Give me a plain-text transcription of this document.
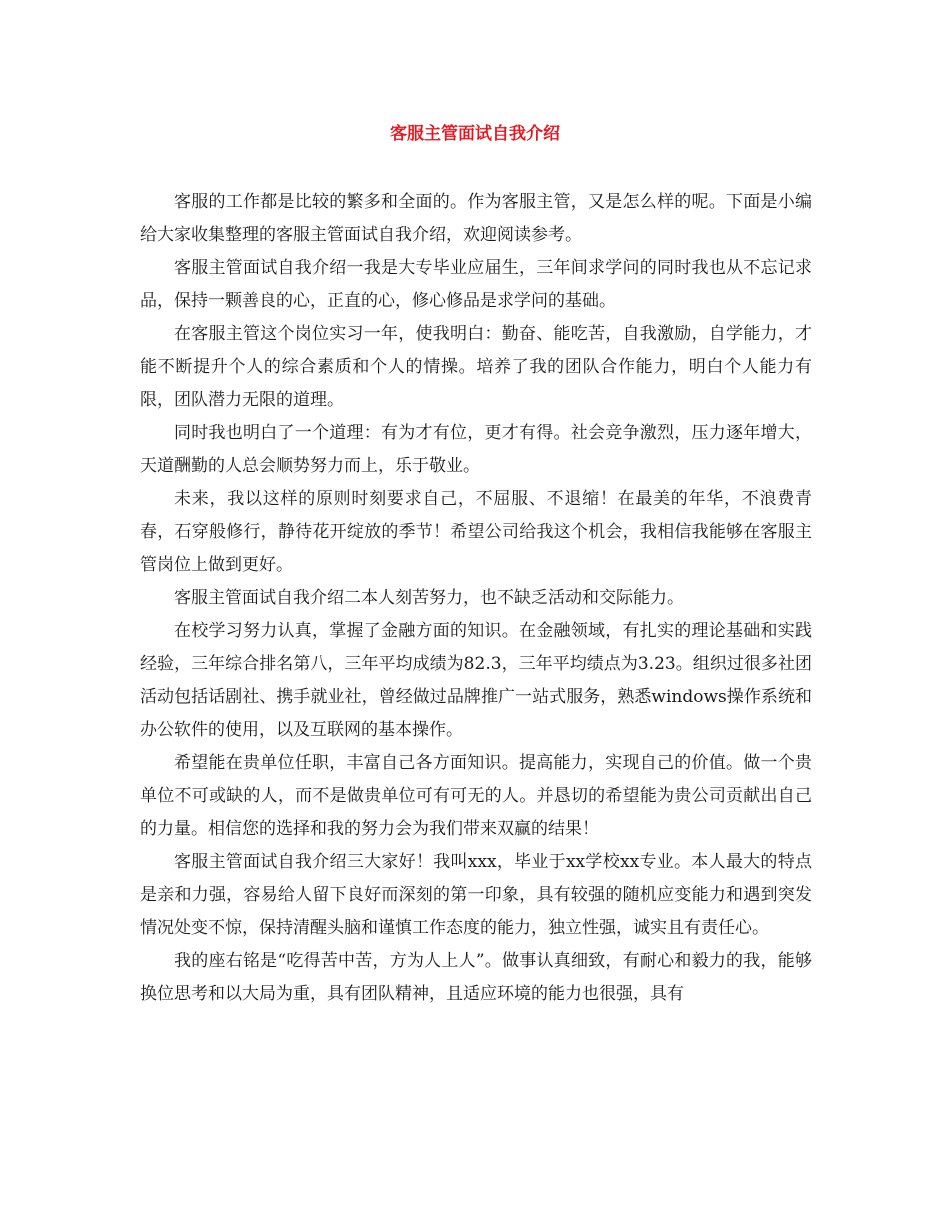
客服主管面试自我介绍

客服的工作都是比较的繁多和全面的。作为客服主管，又是怎么样的呢。下面是小编给大家收集整理的客服主管面试自我介绍，欢迎阅读参考。

客服主管面试自我介绍一我是大专毕业应届生，三年间求学问的同时我也从不忘记求品，保持一颗善良的心，正直的心，修心修品是求学问的基础。

在客服主管这个岗位实习一年，使我明白：勤奋、能吃苦，自我激励，自学能力，才能不断提升个人的综合素质和个人的情操。培养了我的团队合作能力，明白个人能力有限，团队潜力无限的道理。

同时我也明白了一个道理：有为才有位，更才有得。社会竞争激烈，压力逐年增大，天道酬勤的人总会顺势努力而上，乐于敬业。

未来，我以这样的原则时刻要求自己，不屈服、不退缩！在最美的年华，不浪费青春，石穿般修行，静待花开绽放的季节！希望公司给我这个机会，我相信我能够在客服主管岗位上做到更好。

客服主管面试自我介绍二本人刻苦努力，也不缺乏活动和交际能力。

在校学习努力认真，掌握了金融方面的知识。在金融领域，有扎实的理论基础和实践经验，三年综合排名第八，三年平均成绩为82.3，三年平均绩点为3.23。组织过很多社团活动包括话剧社、携手就业社，曾经做过品牌推广一站式服务，熟悉windows操作系统和办公软件的使用，以及互联网的基本操作。

希望能在贵单位任职，丰富自己各方面知识。提高能力，实现自己的价值。做一个贵单位不可或缺的人，而不是做贵单位可有可无的人。并恳切的希望能为贵公司贡献出自己的力量。相信您的选择和我的努力会为我们带来双赢的结果！

客服主管面试自我介绍三大家好！我叫xxx，毕业于xx学校xx专业。本人最大的特点是亲和力强，容易给人留下良好而深刻的第一印象，具有较强的随机应变能力和遇到突发情况处变不惊，保持清醒头脑和谨慎工作态度的能力，独立性强，诚实且有责任心。

我的座右铭是“吃得苦中苦，方为人上人”。做事认真细致，有耐心和毅力的我，能够换位思考和以大局为重，具有团队精神，且适应环境的能力也很强，具有
